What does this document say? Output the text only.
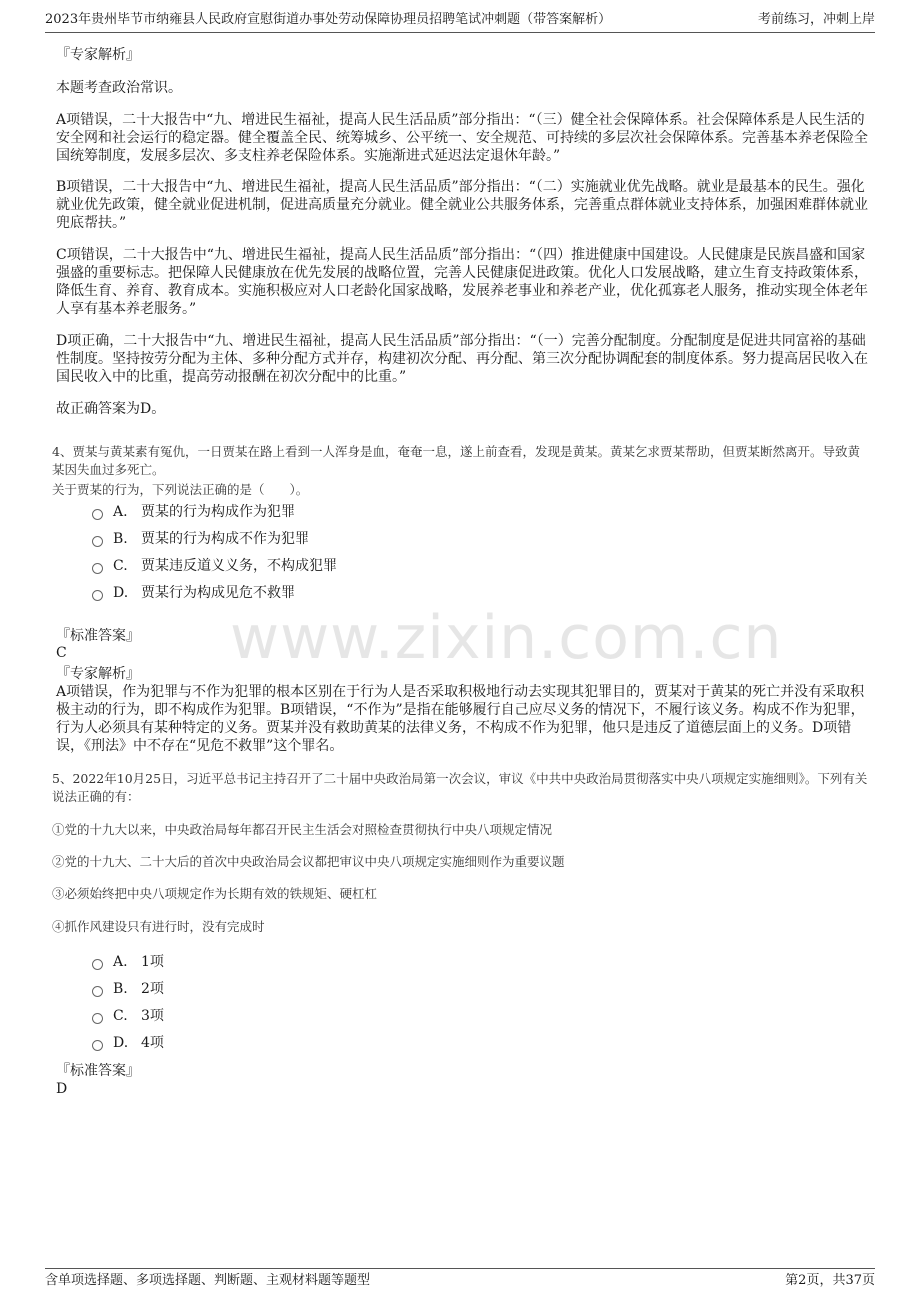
2023年贵州毕节市纳雍县人民政府宣慰街道办事处劳动保障协理员招聘笔试冲刺题（带答案解析）	考前练习，冲刺上岸
www.zixin.com.cn
『专家解析』
本题考查政治常识。
A项错误，二十大报告中“九、增进民生福祉，提高人民生活品质”部分指出：“（三）健全社会保障体系。社会保障体系是人民生活的安全网和社会运行的稳定器。健全覆盖全民、统筹城乡、公平统一、安全规范、可持续的多层次社会保障体系。完善基本养老保险全国统筹制度，发展多层次、多支柱养老保险体系。实施渐进式延迟法定退休年龄。”
B项错误，二十大报告中“九、增进民生福祉，提高人民生活品质”部分指出：“（二）实施就业优先战略。就业是最基本的民生。强化就业优先政策，健全就业促进机制，促进高质量充分就业。健全就业公共服务体系，完善重点群体就业支持体系，加强困难群体就业兜底帮扶。”
C项错误，二十大报告中“九、增进民生福祉，提高人民生活品质”部分指出：“（四）推进健康中国建设。人民健康是民族昌盛和国家强盛的重要标志。把保障人民健康放在优先发展的战略位置，完善人民健康促进政策。优化人口发展战略，建立生育支持政策体系，降低生育、养育、教育成本。实施积极应对人口老龄化国家战略，发展养老事业和养老产业，优化孤寡老人服务，推动实现全体老年人享有基本养老服务。”
D项正确，二十大报告中“九、增进民生福祉，提高人民生活品质”部分指出：“（一）完善分配制度。分配制度是促进共同富裕的基础性制度。坚持按劳分配为主体、多种分配方式并存，构建初次分配、再分配、第三次分配协调配套的制度体系。努力提高居民收入在国民收入中的比重，提高劳动报酬在初次分配中的比重。”
故正确答案为D。
4、贾某与黄某素有冤仇，一日贾某在路上看到一人浑身是血，奄奄一息，遂上前查看，发现是黄某。黄某乞求贾某帮助，但贾某断然离开。导致黄某因失血过多死亡。
关于贾某的行为，下列说法正确的是（　　）。
A. 贾某的行为构成作为犯罪
B. 贾某的行为构成不作为犯罪
C. 贾某违反道义义务，不构成犯罪
D. 贾某行为构成见危不救罪
『标准答案』
C
『专家解析』
A项错误，作为犯罪与不作为犯罪的根本区别在于行为人是否采取积极地行动去实现其犯罪目的，贾某对于黄某的死亡并没有采取积极主动的行为，即不构成作为犯罪。B项错误，“不作为”是指在能够履行自己应尽义务的情况下，不履行该义务。构成不作为犯罪，行为人必须具有某种特定的义务。贾某并没有救助黄某的法律义务，不构成不作为犯罪，他只是违反了道德层面上的义务。D项错误，《刑法》中不存在“见危不救罪”这个罪名。
5、2022年10月25日，习近平总书记主持召开了二十届中央政治局第一次会议，审议《中共中央政治局贯彻落实中央八项规定实施细则》。下列有关说法正确的有：
①党的十九大以来，中央政治局每年都召开民主生活会对照检查贯彻执行中央八项规定情况
②党的十九大、二十大后的首次中央政治局会议都把审议中央八项规定实施细则作为重要议题
③必须始终把中央八项规定作为长期有效的铁规矩、硬杠杠
④抓作风建设只有进行时，没有完成时
A. 1项
B. 2项
C. 3项
D. 4项
『标准答案』
D
含单项选择题、多项选择题、判断题、主观材料题等题型	第2页，共37页
